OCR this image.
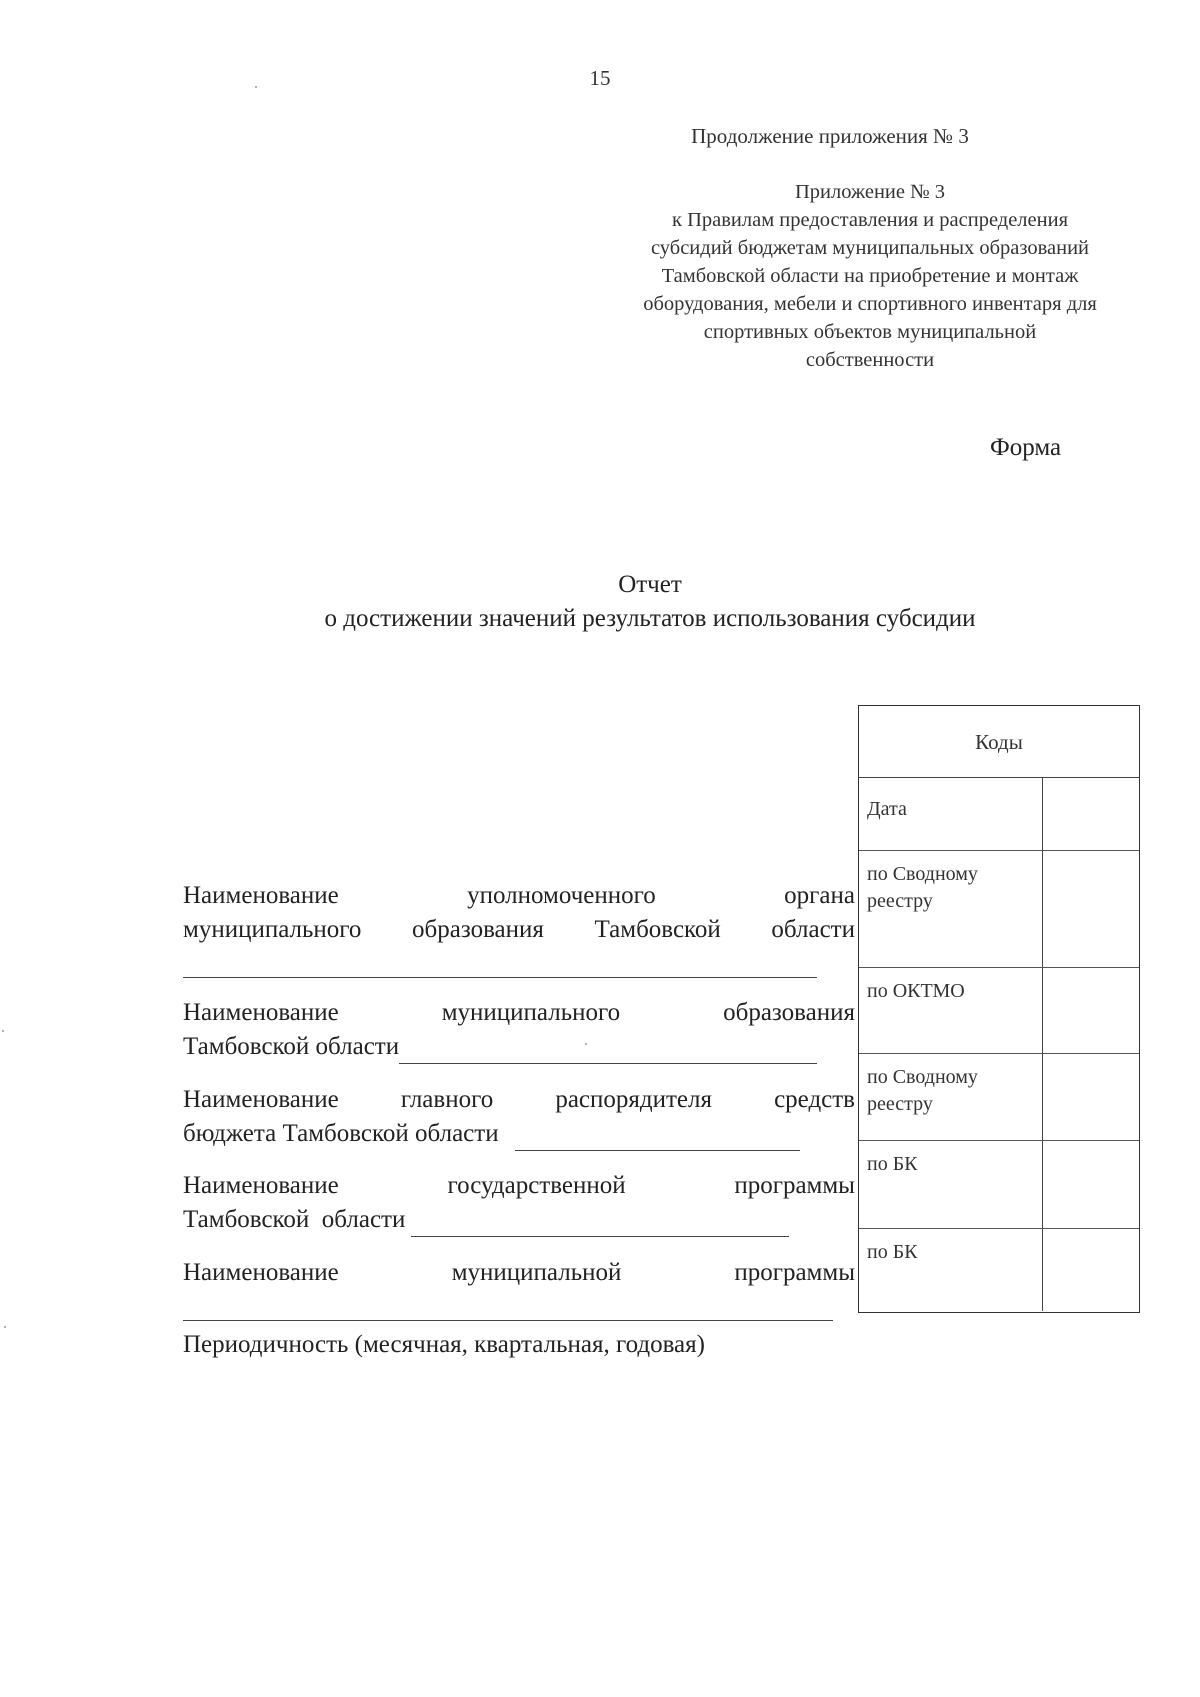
15
Продолжение приложения № 3
Приложение № 3
к Правилам предоставления и распределения
субсидий бюджетам муниципальных образований
Тамбовской области на приобретение и монтаж
оборудования, мебели и спортивного инвентаря для
спортивных объектов муниципальной
собственности
Форма
Отчет
о достижении значений результатов использования субсидии
Наименование	уполномоченного	органа
муниципального образования Тамбовской области
Наименование	муниципального	образования
Тамбовской области
Наименование главного распорядителя средств
бюджета Тамбовской области
Наименование	государственной	программы
Тамбовской  области
Наименование	муниципальной	программы
Периодичность (месячная, квартальная, годовая)
Коды
Дата
по Сводному реестру
по ОКТМО
по Сводному реестру
по БК
по БК
